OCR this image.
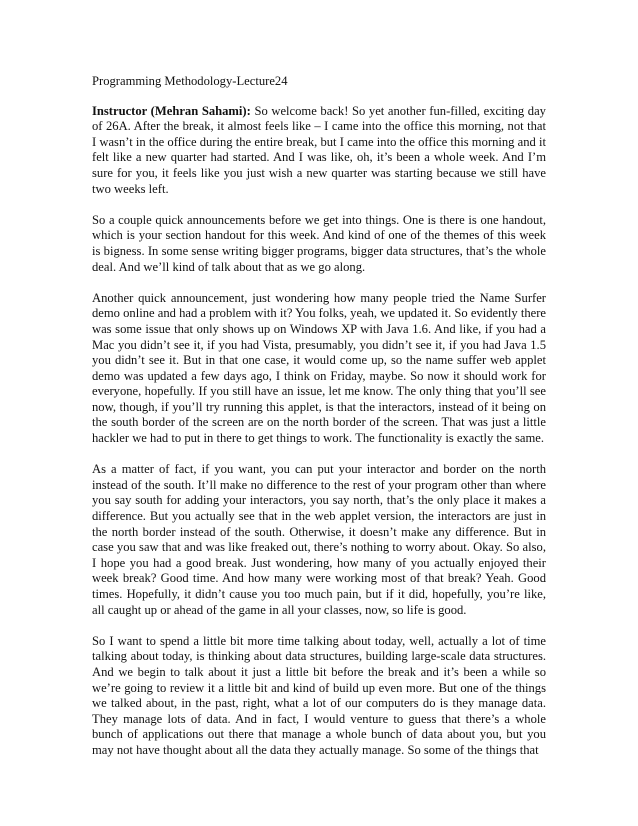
Programming Methodology-Lecture24

Instructor (Mehran Sahami): So welcome back! So yet another fun-filled, exciting day of 26A. After the break, it almost feels like – I came into the office this morning, not that I wasn’t in the office during the entire break, but I came into the office this morning and it felt like a new quarter had started. And I was like, oh, it’s been a whole week. And I’m sure for you, it feels like you just wish a new quarter was starting because we still have two weeks left.

So a couple quick announcements before we get into things. One is there is one handout, which is your section handout for this week. And kind of one of the themes of this week is bigness. In some sense writing bigger programs, bigger data structures, that’s the whole deal. And we’ll kind of talk about that as we go along.

Another quick announcement, just wondering how many people tried the Name Surfer demo online and had a problem with it? You folks, yeah, we updated it. So evidently there was some issue that only shows up on Windows XP with Java 1.6. And like, if you had a Mac you didn’t see it, if you had Vista, presumably, you didn’t see it, if you had Java 1.5 you didn’t see it. But in that one case, it would come up, so the name suffer web applet demo was updated a few days ago, I think on Friday, maybe. So now it should work for everyone, hopefully. If you still have an issue, let me know. The only thing that you’ll see now, though, if you’ll try running this applet, is that the interactors, instead of it being on the south border of the screen are on the north border of the screen. That was just a little hackler we had to put in there to get things to work. The functionality is exactly the same.

As a matter of fact, if you want, you can put your interactor and border on the north instead of the south. It’ll make no difference to the rest of your program other than where you say south for adding your interactors, you say north, that’s the only place it makes a difference. But you actually see that in the web applet version, the interactors are just in the north border instead of the south. Otherwise, it doesn’t make any difference. But in case you saw that and was like freaked out, there’s nothing to worry about. Okay. So also, I hope you had a good break. Just wondering, how many of you actually enjoyed their week break? Good time. And how many were working most of that break? Yeah. Good times. Hopefully, it didn’t cause you too much pain, but if it did, hopefully, you’re like, all caught up or ahead of the game in all your classes, now, so life is good.

So I want to spend a little bit more time talking about today, well, actually a lot of time talking about today, is thinking about data structures, building large-scale data structures. And we begin to talk about it just a little bit before the break and it’s been a while so we’re going to review it a little bit and kind of build up even more. But one of the things we talked about, in the past, right, what a lot of our computers do is they manage data. They manage lots of data. And in fact, I would venture to guess that there’s a whole bunch of applications out there that manage a whole bunch of data about you, but you may not have thought about all the data they actually manage. So some of the things that
